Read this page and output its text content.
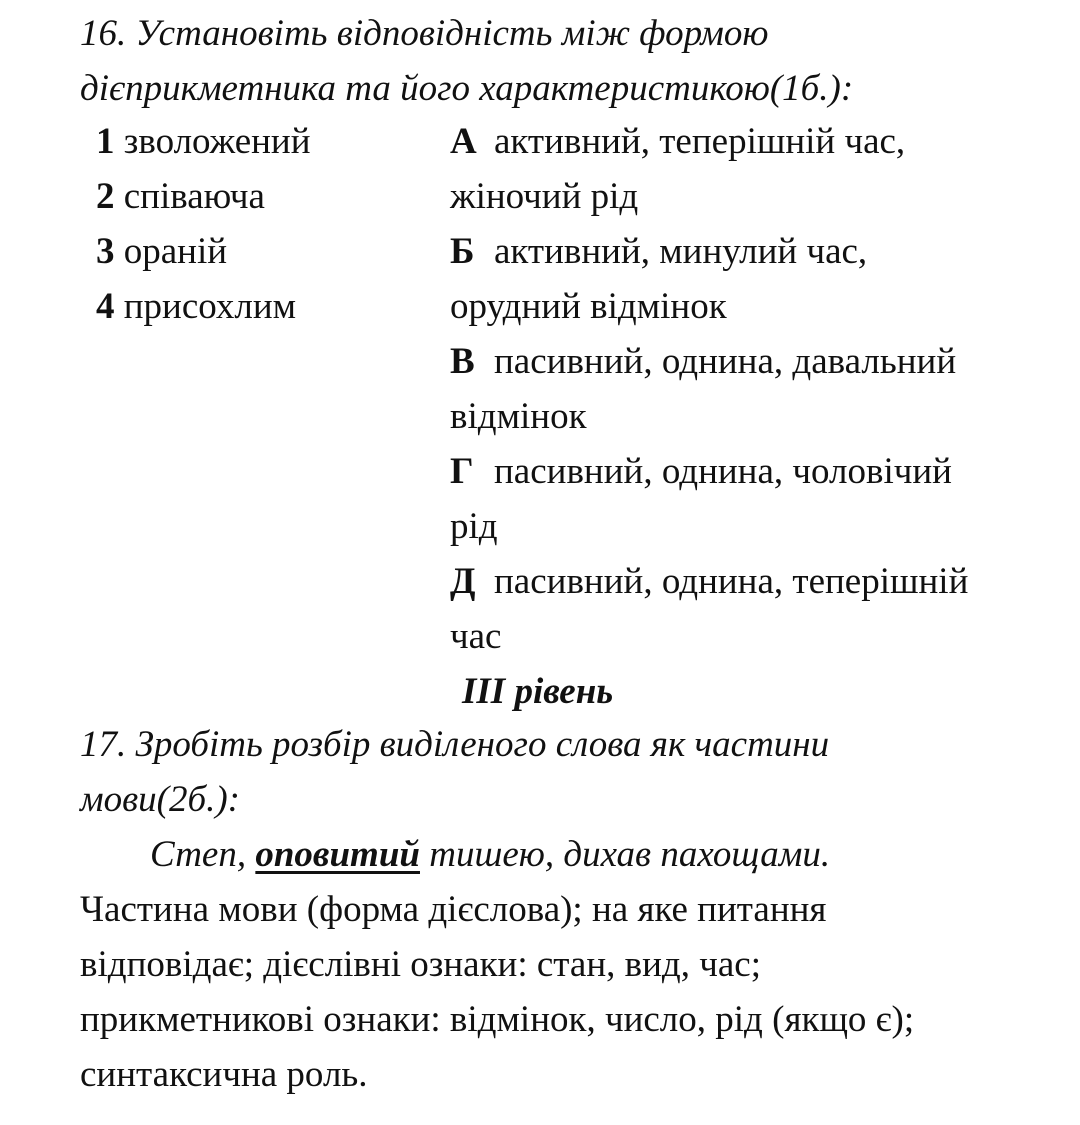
16. Установіть відповідність між формою
дієприкметника та його характеристикою(1б.):
1 зволожений
2 співаюча
3 ораній
4 присохлим
А активний, теперішній час,
жіночий рід
Б активний, минулий час,
орудний відмінок
В пасивний, однина, давальний
відмінок
Г пасивний, однина, чоловічий
рід
Д пасивний, однина, теперішній
час
ІІІ рівень
17. Зробіть розбір виділеного слова як частини
мови(2б.):
Степ, оповитий тишею, дихав пахощами.
Частина мови (форма дієслова); на яке питання
відповідає; дієслівні ознаки: стан, вид, час;
прикметникові ознаки: відмінок, число, рід (якщо є);
синтаксична роль.
